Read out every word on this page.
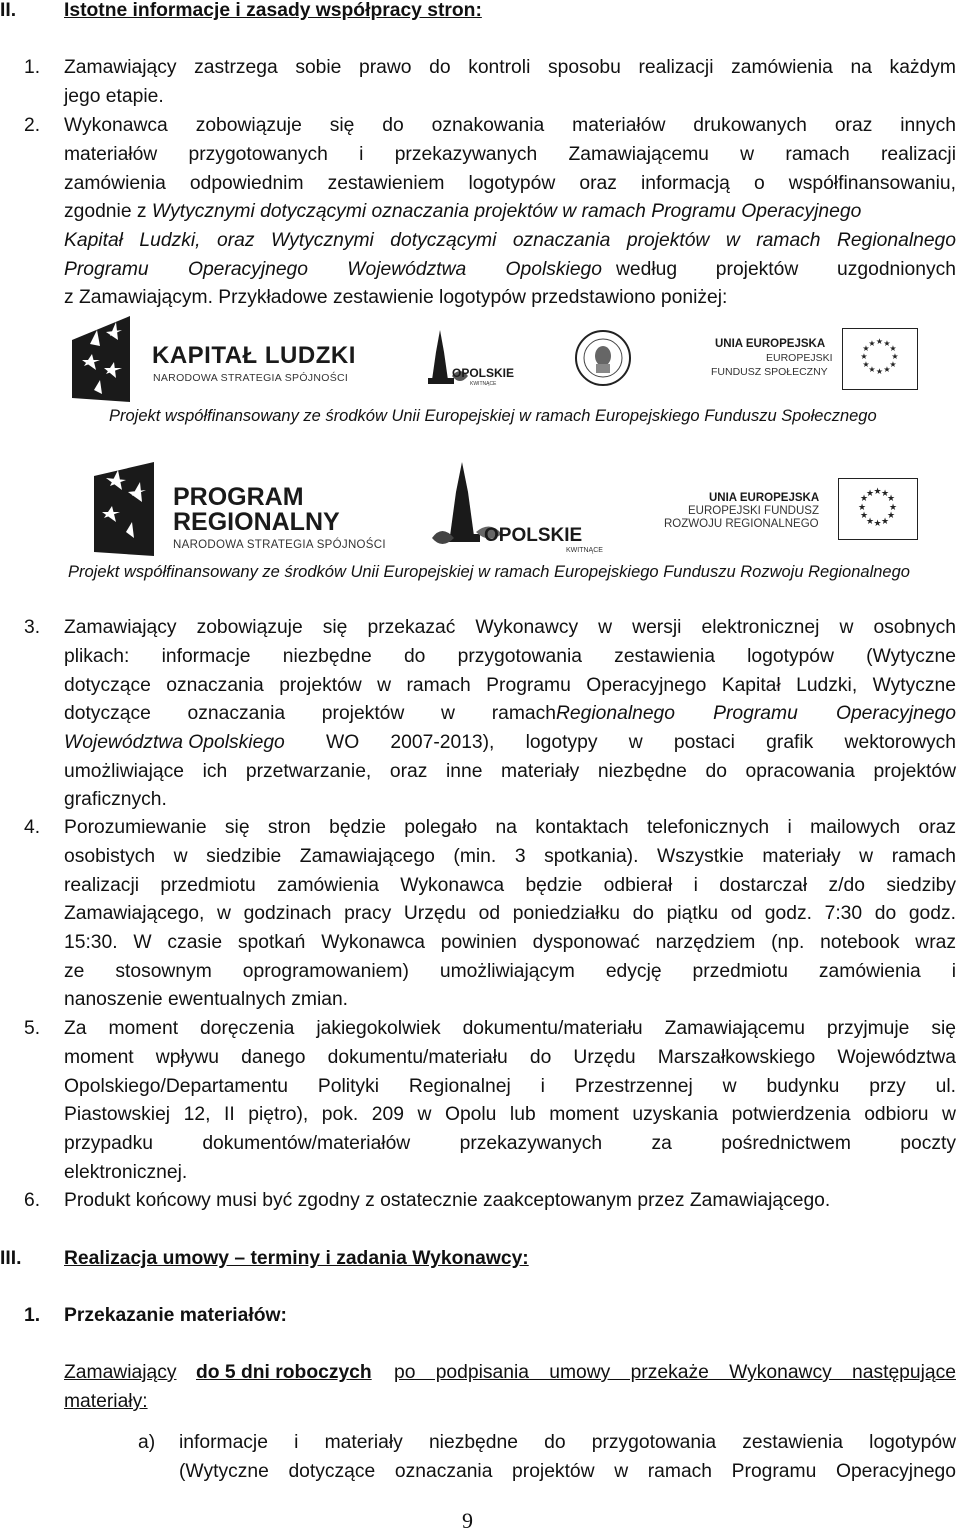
II. Istotne informacje i zasady współpracy stron:
1. Zamawiający zastrzega sobie prawo do kontroli sposobu realizacji zamówienia na każdym
jego etapie.
2. Wykonawca zobowiązuje się do oznakowania materiałów drukowanych oraz innych
materiałów przygotowanych i przekazywanych Zamawiającemu w ramach realizacji
zamówienia odpowiednim zestawieniem logotypów oraz informacją o współfinansowaniu,
zgodnie z Wytycznymi dotyczącymi oznaczania projektów w ramach Programu Operacyjnego
Kapitał Ludzki, oraz Wytycznymi dotyczącymi oznaczania projektów w ramach Regionalnego
Programu Operacyjnego Województwa Opolskiego według projektów uzgodnionych
z Zamawiającym. Przykładowe zestawienie logotypów przedstawiono poniżej:
KAPITAŁ LUDZKI
NARODOWA STRATEGIA SPÓJNOŚCI	OPOLSKIE
KWITNĄCE
UNIA EUROPEJSKA
EUROPEJSKI
FUNDUSZ SPOŁECZNY
★ ★
★
★
★
★
★
★
★
★
★
★
Projekt współfinansowany ze środków Unii Europejskiej w ramach Europejskiego Funduszu Społecznego
PROGRAM
REGIONALNY
NARODOWA STRATEGIA SPÓJNOŚCI	OPOLSKIE
KWITNĄCE
UNIA EUROPEJSKA
EUROPEJSKI FUNDUSZ
ROZWOJU REGIONALNEGO
★ ★
★
★
★
★
★
★
★
★
★
★
Projekt współfinansowany ze środków Unii Europejskiej w ramach Europejskiego Funduszu Rozwoju Regionalnego
3. Zamawiający zobowiązuje się przekazać Wykonawcy w wersji elektronicznej w osobnych
plikach: informacje niezbędne do przygotowania zestawienia logotypów (Wytyczne
dotyczące oznaczania projektów w ramach Programu Operacyjnego Kapitał Ludzki, Wytyczne
dotyczące oznaczania projektów w ramach Regionalnego Programu Operacyjnego
Województwa Opolskiego	WO 2007-2013), logotypy w postaci grafik wektorowych
umożliwiające ich przetwarzanie, oraz inne materiały niezbędne do opracowania projektów
graficznych.
4. Porozumiewanie się stron będzie polegało na kontaktach telefonicznych i mailowych oraz
osobistych w siedzibie Zamawiającego (min. 3 spotkania). Wszystkie materiały w ramach
realizacji przedmiotu zamówienia Wykonawca będzie odbierał i dostarczał z/do siedziby
Zamawiającego, w godzinach pracy Urzędu od poniedziałku do piątku od godz. 7:30 do godz.
15:30. W czasie spotkań Wykonawca powinien dysponować narzędziem (np. notebook wraz
ze stosownym oprogramowaniem) umożliwiającym edycję przedmiotu zamówienia i
nanoszenie ewentualnych zmian.
5. Za moment doręczenia jakiegokolwiek dokumentu/materiału Zamawiającemu przyjmuje się
moment wpływu danego dokumentu/materiału do Urzędu Marszałkowskiego Województwa
Opolskiego/Departamentu Polityki Regionalnej i Przestrzennej w budynku przy ul.
Piastowskiej 12, II piętro), pok. 209 w Opolu lub moment uzyskania potwierdzenia odbioru w
przypadku dokumentów/materiałów przekazywanych za pośrednictwem poczty
elektronicznej.
6. Produkt końcowy musi być zgodny z ostatecznie zaakceptowanym przez Zamawiającego.
III. Realizacja umowy – terminy i zadania Wykonawcy:
1. Przekazanie materiałów:
Zamawiający	do 5 dni roboczych	po podpisania umowy przekaże Wykonawcy następujące
materiały:
a) informacje i materiały niezbędne do przygotowania zestawienia logotypów
(Wytyczne dotyczące oznaczania projektów w ramach Programu Operacyjnego
9
